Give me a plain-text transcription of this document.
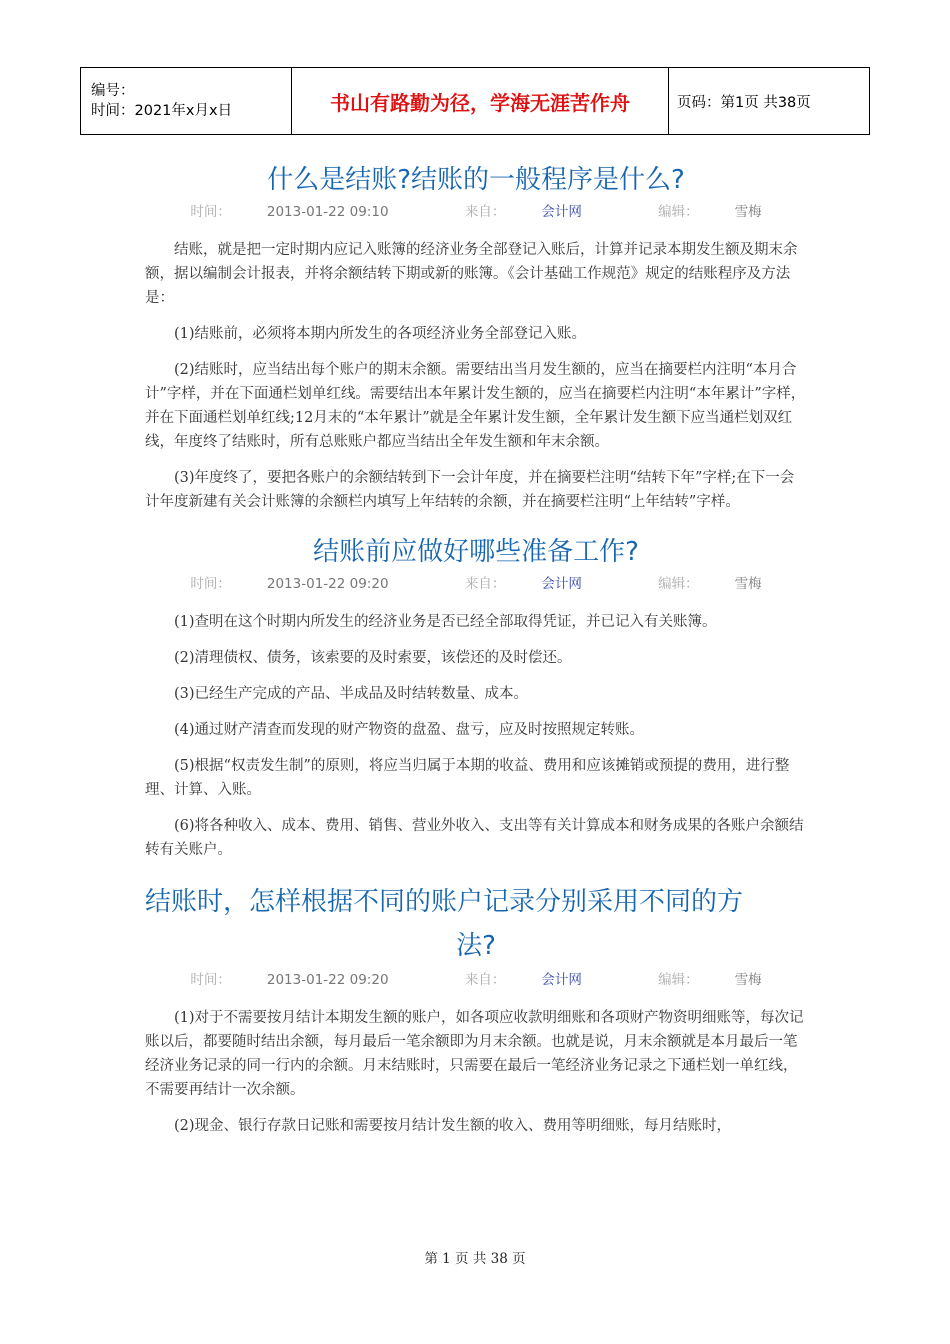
编号：
时间：2021年x月x日	书山有路勤为径，学海无涯苦作舟	页码：第1页 共38页
什么是结账?结账的一般程序是什么?
时间：	2013-01-22 09:10	来自：	会计网	编辑：	雪梅

结账，就是把一定时期内应记入账簿的经济业务全部登记入账后，计算并记录本期发生额及期末余额，据以编制会计报表，并将余额结转下期或新的账簿。《会计基础工作规范》规定的结账程序及方法是：

(1)结账前，必须将本期内所发生的各项经济业务全部登记入账。

(2)结账时，应当结出每个账户的期末余额。需要结出当月发生额的，应当在摘要栏内注明“本月合计”字样，并在下面通栏划单红线。需要结出本年累计发生额的，应当在摘要栏内注明“本年累计”字样，并在下面通栏划单红线;12月末的“本年累计”就是全年累计发生额，全年累计发生额下应当通栏划双红线，年度终了结账时，所有总账账户都应当结出全年发生额和年末余额。

(3)年度终了，要把各账户的余额结转到下一会计年度，并在摘要栏注明“结转下年”字样;在下一会计年度新建有关会计账簿的余额栏内填写上年结转的余额，并在摘要栏注明“上年结转”字样。

结账前应做好哪些准备工作?
时间：	2013-01-22 09:20	来自：	会计网	编辑：	雪梅

(1)查明在这个时期内所发生的经济业务是否已经全部取得凭证，并已记入有关账簿。

(2)清理债权、债务，该索要的及时索要，该偿还的及时偿还。

(3)已经生产完成的产品、半成品及时结转数量、成本。

(4)通过财产清查而发现的财产物资的盘盈、盘亏，应及时按照规定转账。

(5)根据“权责发生制”的原则，将应当归属于本期的收益、费用和应该摊销或预提的费用，进行整理、计算、入账。

(6)将各种收入、成本、费用、销售、营业外收入、支出等有关计算成本和财务成果的各账户余额结转有关账户。

结账时，怎样根据不同的账户记录分别采用不同的方
法?
时间：	2013-01-22 09:20	来自：	会计网	编辑：	雪梅

(1)对于不需要按月结计本期发生额的账户，如各项应收款明细账和各项财产物资明细账等，每次记账以后，都要随时结出余额，每月最后一笔余额即为月末余额。也就是说，月末余额就是本月最后一笔经济业务记录的同一行内的余额。月末结账时，只需要在最后一笔经济业务记录之下通栏划一单红线，不需要再结计一次余额。

(2)现金、银行存款日记账和需要按月结计发生额的收入、费用等明细账，每月结账时，

第 1 页 共 38 页
